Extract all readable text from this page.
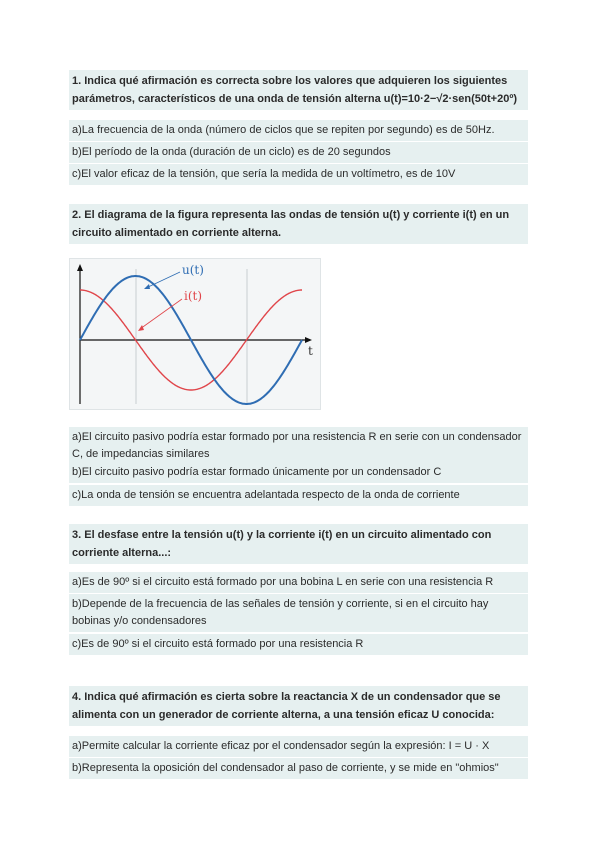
1. Indica qué afirmación es correcta sobre los valores que adquieren los siguientes parámetros, característicos de una onda de tensión alterna u(t)=10·2−√2·sen(50t+20º)
a)La frecuencia de la onda (número de ciclos que se repiten por segundo) es de 50Hz.
b)El período de la onda (duración de un ciclo) es de 20 segundos
c)El valor eficaz de la tensión, que sería la medida de un voltímetro, es de 10V
2. El diagrama de la figura representa las ondas de tensión u(t) y corriente i(t) en un circuito alimentado en corriente alterna.
t
u(t)
i(t)
a)El circuito pasivo podría estar formado por una resistencia R en serie con un condensador C, de impedancias similares
b)El circuito pasivo podría estar formado únicamente por un condensador C
c)La onda de tensión se encuentra adelantada respecto de la onda de corriente
3. El desfase entre la tensión u(t) y la corriente i(t) en un circuito alimentado con corriente alterna...:
a)Es de 90º si el circuito está formado por una bobina L en serie con una resistencia R
b)Depende de la frecuencia de las señales de tensión y corriente, si en el circuito hay bobinas y/o condensadores
c)Es de 90º si el circuito está formado por una resistencia R
4. Indica qué afirmación es cierta sobre la reactancia X de un condensador que se alimenta con un generador de corriente alterna, a una tensión eficaz U conocida:
a)Permite calcular la corriente eficaz por el condensador según la expresión: I = U · X
b)Representa la oposición del condensador al paso de corriente, y se mide en "ohmios"
